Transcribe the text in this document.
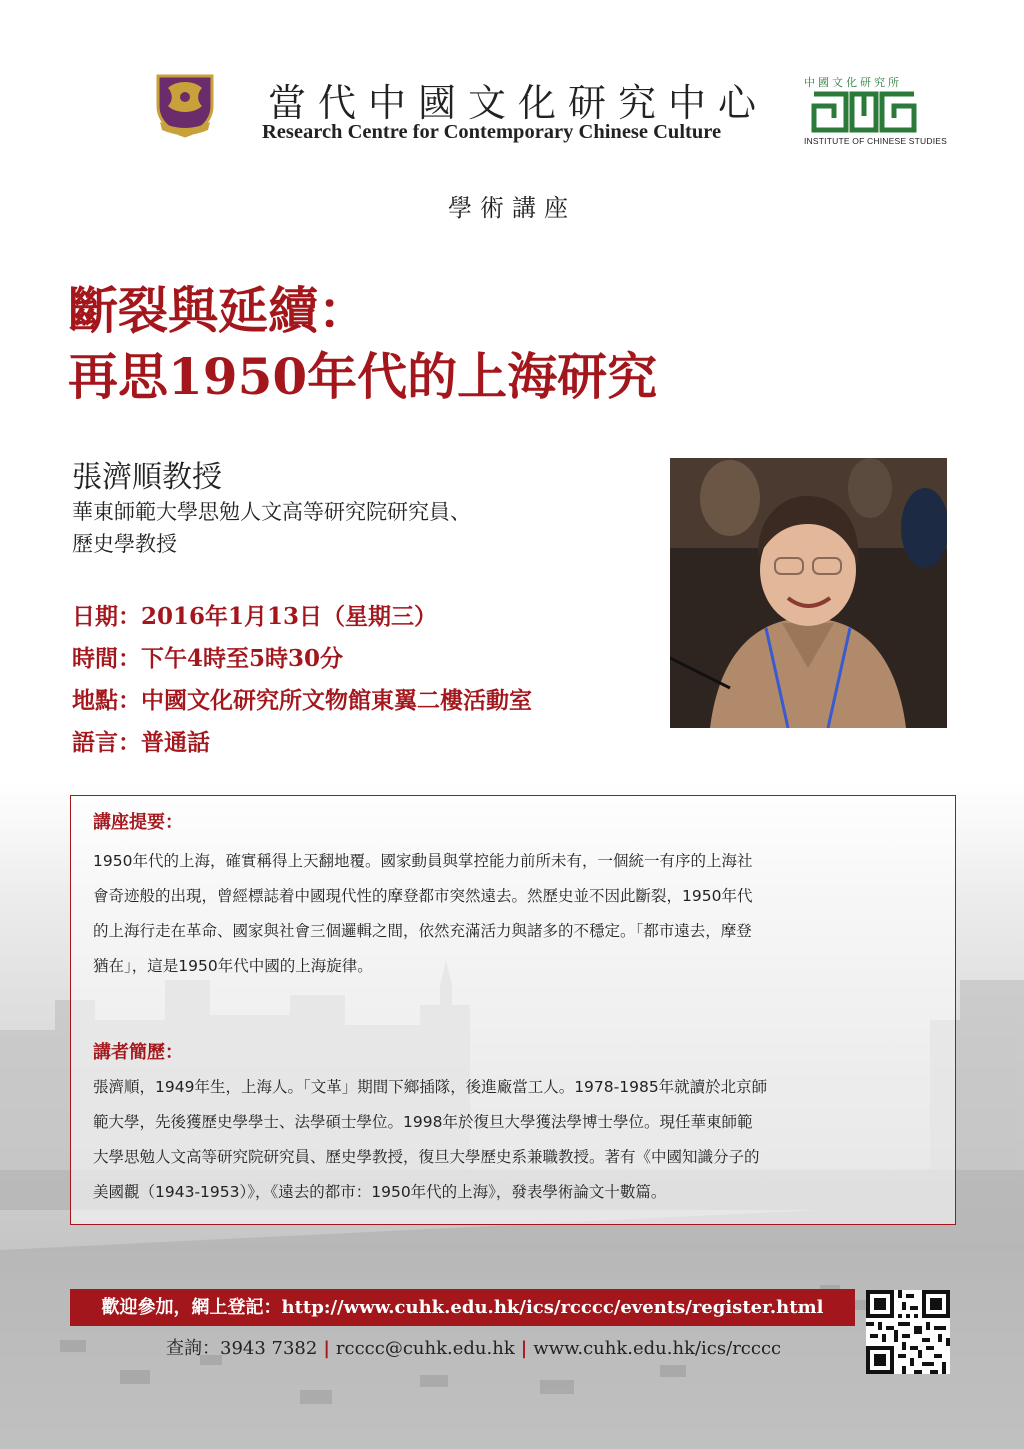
當代中國文化研究中心
Research Centre for Contemporary Chinese Culture
中國文化研究所
INSTITUTE OF CHINESE STUDIES
學術講座
斷裂與延續：
再思1950年代的上海研究
張濟順教授
華東師範大學思勉人文高等研究院研究員、
歷史學教授
日期：2016年1月13日（星期三）
時間：下午4時至5時30分
地點：中國文化研究所文物館東翼二樓活動室
語言：普通話
講座提要：
1950年代的上海，確實稱得上天翻地覆。國家動員與掌控能力前所未有，一個統一有序的上海社
會奇迹般的出現，曾經標誌着中國現代性的摩登都市突然遠去。然歷史並不因此斷裂，1950年代
的上海行走在革命、國家與社會三個邏輯之間，依然充滿活力與諸多的不穩定。「都市遠去，摩登
猶在」，這是1950年代中國的上海旋律。
講者簡歷：
張濟順，1949年生，上海人。「文革」期間下鄉插隊，後進廠當工人。1978-1985年就讀於北京師
範大學，先後獲歷史學學士、法學碩士學位。1998年於復旦大學獲法學博士學位。現任華東師範
大學思勉人文高等研究院研究員、歷史學教授，復旦大學歷史系兼職教授。著有《中國知識分子的
美國觀（1943-1953）》，《遠去的都市：1950年代的上海》，發表學術論文十數篇。
歡迎參加，網上登記：http://www.cuhk.edu.hk/ics/rcccc/events/register.html
查詢：3943 7382 | rcccc@cuhk.edu.hk | www.cuhk.edu.hk/ics/rcccc
